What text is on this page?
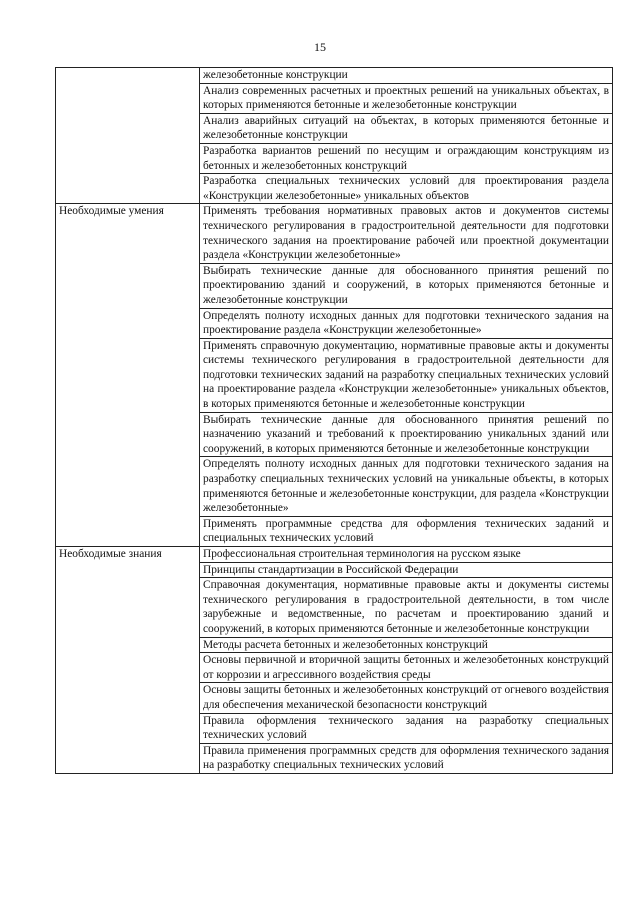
15
	железобетонные конструкции
	Анализ современных расчетных и проектных решений на уникальных объектах, в которых применяются бетонные и железобетонные конструкции
	Анализ аварийных ситуаций на объектах, в которых применяются бетонные и железобетонные конструкции
	Разработка вариантов решений по несущим и ограждающим конструкциям из бетонных и железобетонных конструкций
	Разработка специальных технических условий для проектирования раздела «Конструкции железобетонные» уникальных объектов
Необходимые умения	Применять требования нормативных правовых актов и документов системы технического регулирования в градостроительной деятельности для подготовки технического задания на проектирование рабочей или проектной документации раздела «Конструкции железобетонные»
	Выбирать технические данные для обоснованного принятия решений по проектированию зданий и сооружений, в которых применяются бетонные и железобетонные конструкции
	Определять полноту исходных данных для подготовки технического задания на проектирование раздела «Конструкции железобетонные»
	Применять справочную документацию, нормативные правовые акты и документы системы технического регулирования в градостроительной деятельности для подготовки технических заданий на разработку специальных технических условий на проектирование раздела «Конструкции железобетонные» уникальных объектов, в которых применяются бетонные и железобетонные конструкции
	Выбирать технические данные для обоснованного принятия решений по назначению указаний и требований к проектированию уникальных зданий или сооружений, в которых применяются бетонные и железобетонные конструкции
	Определять полноту исходных данных для подготовки технического задания на разработку специальных технических условий на уникальные объекты, в которых применяются бетонные и железобетонные конструкции, для раздела «Конструкции железобетонные»
	Применять программные средства для оформления технических заданий и специальных технических условий
Необходимые знания	Профессиональная строительная терминология на русском языке
	Принципы стандартизации в Российской Федерации
	Справочная документация, нормативные правовые акты и документы системы технического регулирования в градостроительной деятельности, в том числе зарубежные и ведомственные, по расчетам и проектированию зданий и сооружений, в которых применяются бетонные и железобетонные конструкции
	Методы расчета бетонных и железобетонных конструкций
	Основы первичной и вторичной защиты бетонных и железобетонных конструкций от коррозии и агрессивного воздействия среды
	Основы защиты бетонных и железобетонных конструкций от огневого воздействия для обеспечения механической безопасности конструкций
	Правила оформления технического задания на разработку специальных технических условий
	Правила применения программных средств для оформления технического задания на разработку специальных технических условий
